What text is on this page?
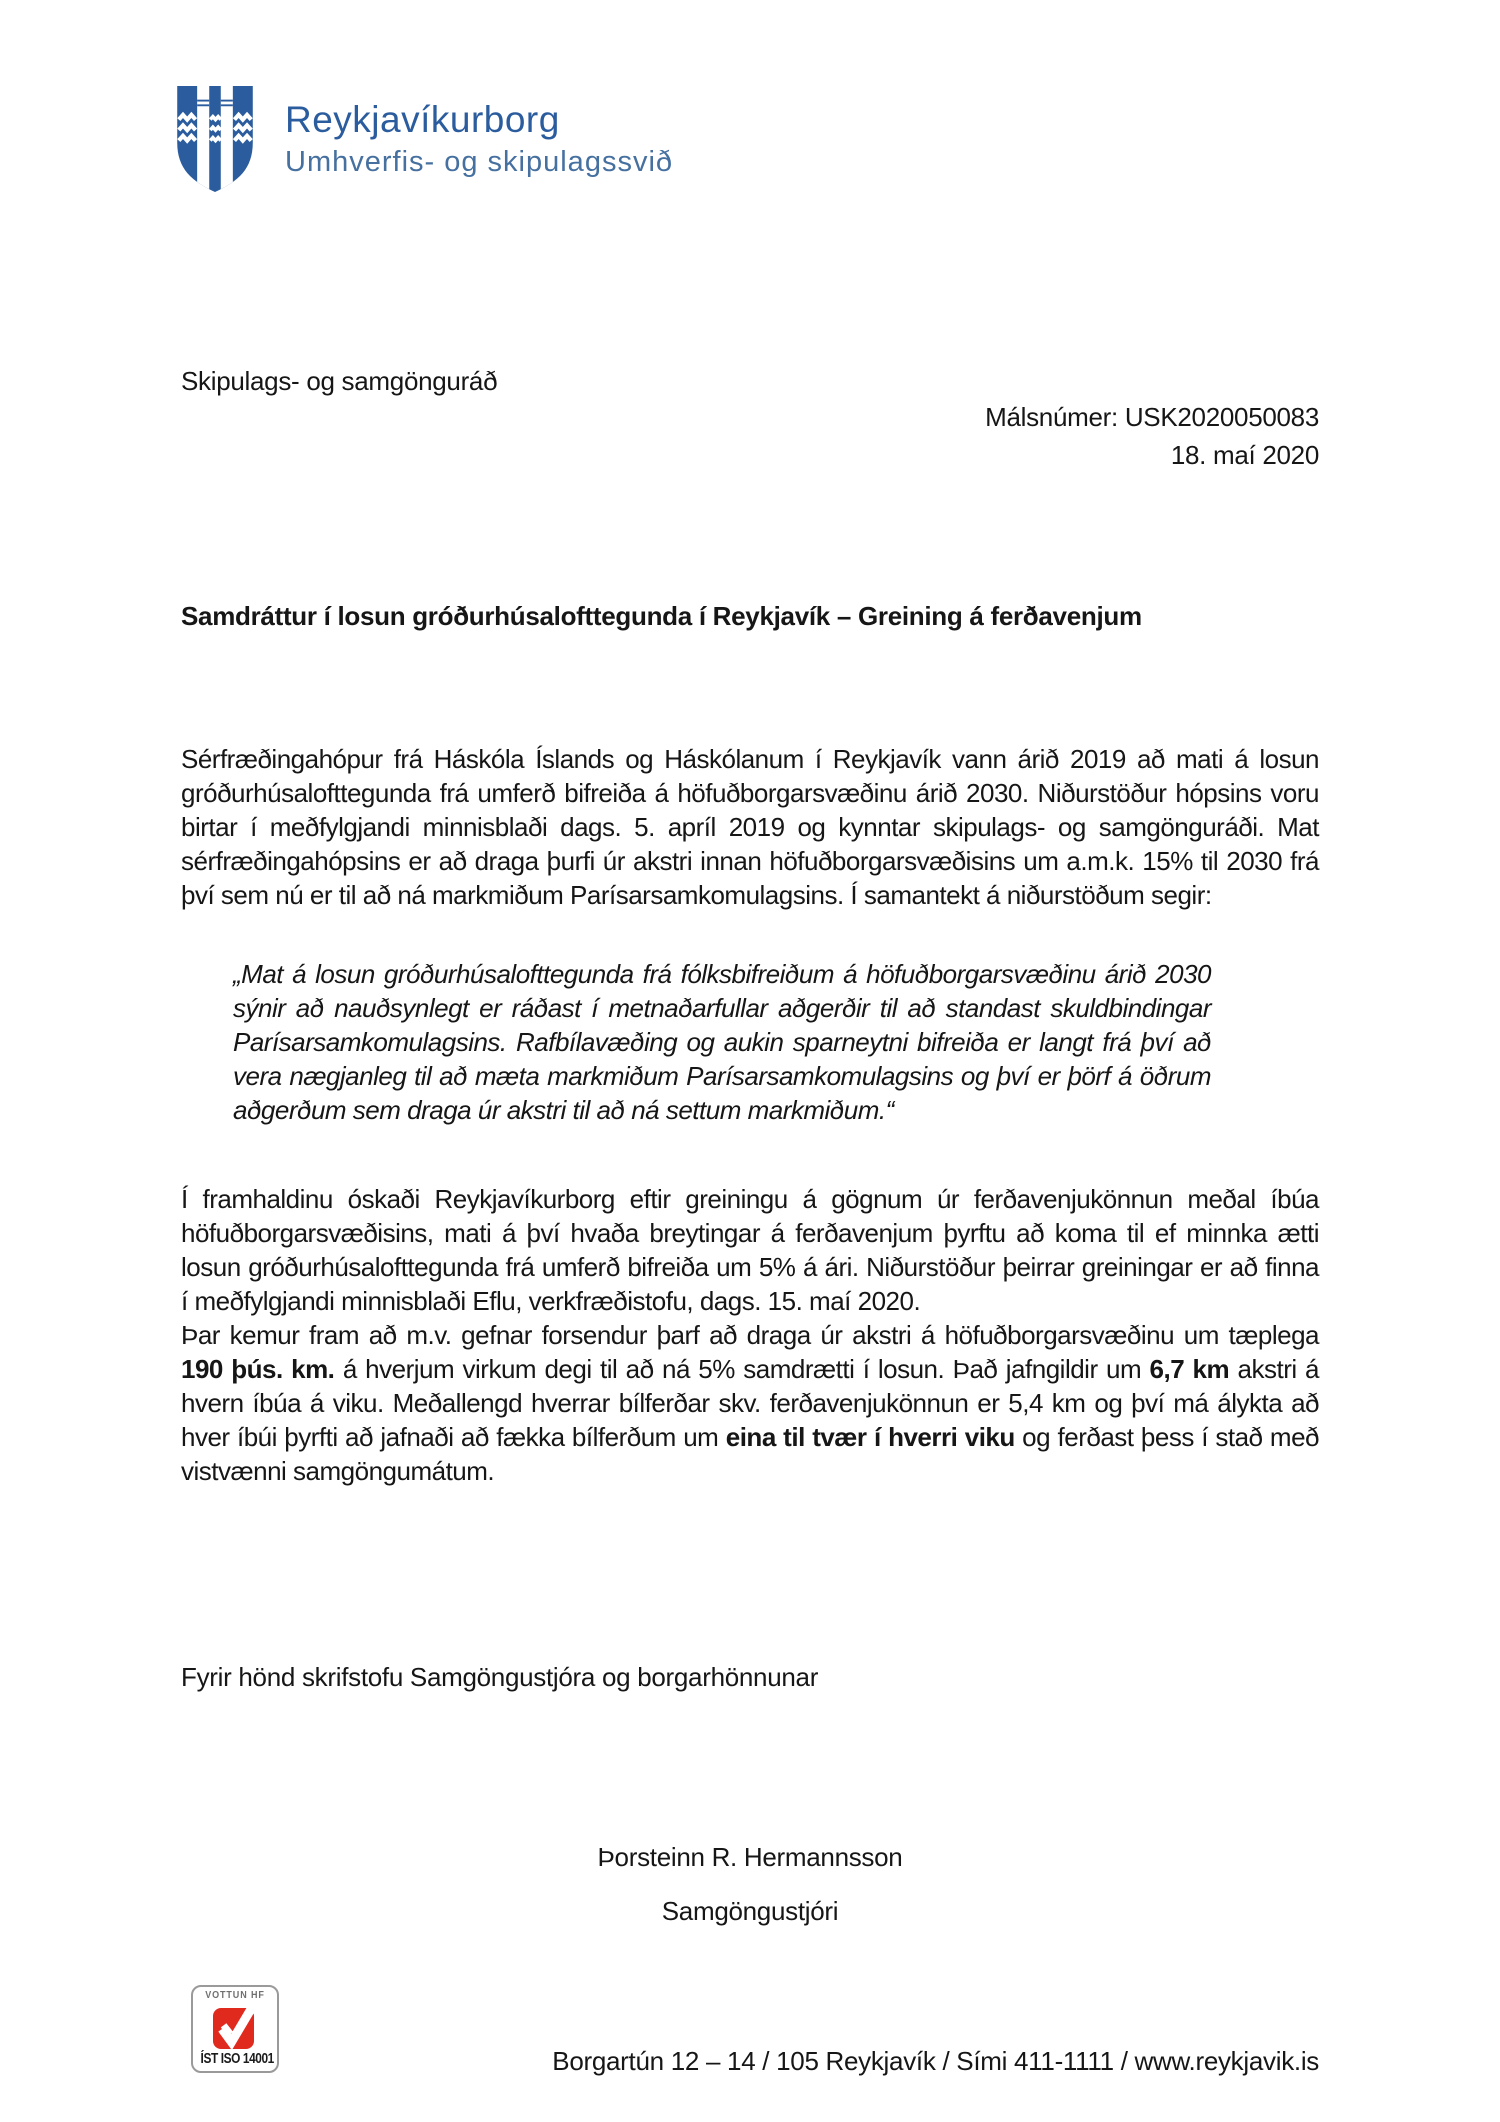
Reykjavíkurborg
Umhverfis- og skipulagssvið
Skipulags- og samgönguráð
Málsnúmer: USK2020050083
18. maí 2020
Samdráttur í losun gróðurhúsalofttegunda í Reykjavík – Greining á ferðavenjum
Sérfræðingahópur frá Háskóla Íslands og Háskólanum í Reykjavík vann árið 2019 að mati á losun gróðurhúsalofttegunda frá umferð bifreiða á höfuðborgarsvæðinu árið 2030. Niðurstöður hópsins voru birtar í meðfylgjandi minnisblaði dags. 5. apríl 2019 og kynntar skipulags- og samgönguráði. Mat sérfræðingahópsins er að draga þurfi úr akstri innan höfuðborgarsvæðisins um a.m.k. 15% til 2030 frá því sem nú er til að ná markmiðum Parísarsamkomulagsins. Í samantekt á niðurstöðum segir:
„Mat á losun gróðurhúsalofttegunda frá fólksbifreiðum á höfuðborgarsvæðinu árið 2030 sýnir að nauðsynlegt er ráðast í metnaðarfullar aðgerðir til að standast skuldbindingar Parísarsamkomulagsins. Rafbílavæðing og aukin sparneytni bifreiða er langt frá því að vera nægjanleg til að mæta markmiðum Parísarsamkomulagsins og því er þörf á öðrum aðgerðum sem draga úr akstri til að ná settum markmiðum.“

Í framhaldinu óskaði Reykjavíkurborg eftir greiningu á gögnum úr ferðavenjukönnun meðal íbúa höfuðborgarsvæðisins, mati á því hvaða breytingar á ferðavenjum þyrftu að koma til ef minnka ætti losun gróðurhúsalofttegunda frá umferð bifreiða um 5% á ári. Niðurstöður þeirrar greiningar er að finna í meðfylgjandi minnisblaði Eflu, verkfræðistofu, dags. 15. maí 2020.

Þar kemur fram að m.v. gefnar forsendur þarf að draga úr akstri á höfuðborgarsvæðinu um tæplega 190 þús. km. á hverjum virkum degi til að ná 5% samdrætti í losun. Það jafngildir um 6,7 km akstri á hvern íbúa á viku. Meðallengd hverrar bílferðar skv. ferðavenjukönnun er 5,4 km og því má álykta að hver íbúi þyrfti að jafnaði að fækka bílferðum um eina til tvær í hverri viku og ferðast þess í stað með vistvænni samgöngumátum.

Fyrir hönd skrifstofu Samgöngustjóra og borgarhönnunar
Þorsteinn R. Hermannsson
Samgöngustjóri
VOTTUN HF
ÍST ISO 14001	Borgartún 12 – 14 / 105 Reykjavík / Sími 411-1111 / www.reykjavik.is
